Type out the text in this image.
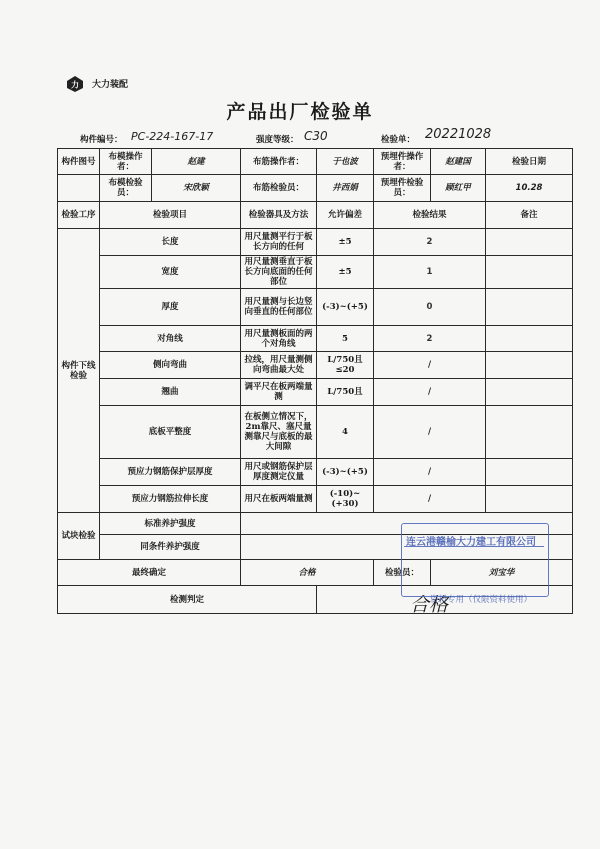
力 大力装配
产品出厂检验单
构件编号： PC-224-167-17	强度等级： C30	检验单： 20221028
构件图号	布模操作者：	赵建	布筋操作者：	于也波	预埋件操作者：	赵建国	检验日期
	布模检验员：	宋欣颖	布筋检验员：	井西娟	预埋件检验员：	顾红甲	10.28
检验工序	检验项目		检验器具及方法	允许偏差	检验结果		备注
构件下线检验	长度		用尺量测平行于板长方向的任何	±5	2		
	宽度		用尺量测垂直于板长方向底面的任何部位	±5	1		
	厚度		用尺量测与长边竖向垂直的任何部位	(-3)~(+5)	0		
	对角线		用尺量测板面的两个对角线	5	2		
	侧向弯曲		拉线，用尺量测侧向弯曲最大处	L/750且≤20	/		
	翘曲		调平尺在板两端量测	L/750且	/		
	底板平整度		在板侧立情况下，2m靠尺、塞尺量测靠尺与底板的最大间隙	4	/		
	预应力钢筋保护层厚度		用尺或钢筋保护层厚度测定仪量	(-3)~(+5)	/		
	预应力钢筋拉伸长度		用尺在板两端量测	(-10)~(+30)	/		
试块检验	标准养护强度						
	同条件养护强度						
最终确定			合格		检验员：	刘宝华	
检测判定								合格
连云港赣榆大力建工有限公司
资料专用（仅限资料使用）
